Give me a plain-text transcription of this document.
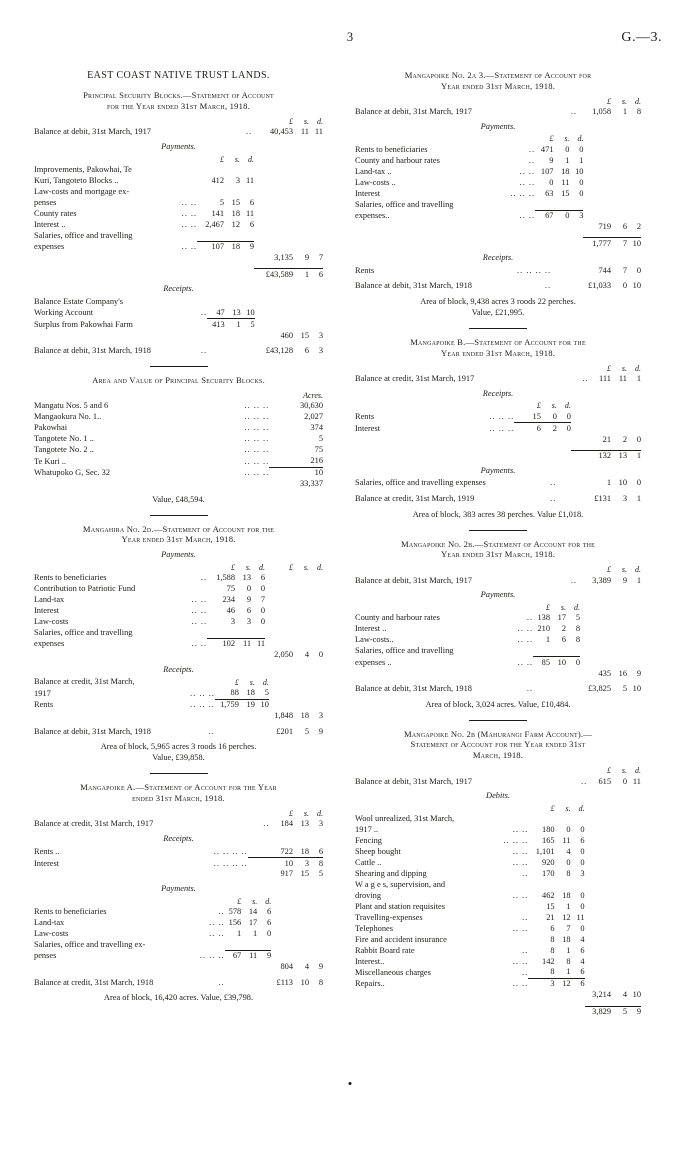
3	G.—3.
EAST COAST NATIVE TRUST LANDS.
Principal Security Blocks.—Statement of Account
for the Year ended 31st March, 1918.
		£	s.	d.
Balance at debit, 31st March, 1917	..	40,453	11	11
Payments.
		£	s.	d.			
Improvements, Pakowhai, Te							
Kuri, Tangoteto Blocks ..		412	3	11			
Law-costs and mortgage ex-							
penses	.. ..	5	15	6			
County rates	.. ..	141	18	11			
Interest ..	.. ..	2,467	12	6			
Salaries, office and travelling							
expenses	.. ..	107	18	9			
					3,135	9	7

					£43,589	1	6
Receipts.
Balance Estate Company's							
Working Account	..	47	13	10			
Surplus from Pakowhai Farm		413	1	5			
					460	15	3

Balance at debit, 31st March, 1918	..				£43,128	6	3
Area and Value of Principal Security Blocks.
		Acres.
Mangatu Nos. 5 and 6	.. .. ..	30,630
Mangaokura No. 1..	.. .. ..	2,027
Pakowhai	.. .. ..	374
Tangotete No. 1 ..	.. .. ..	5
Tangotete No. 2 ..	.. .. ..	75
Te Kuri ..	.. .. ..	216
Whatupoko G, Sec. 32	.. .. ..	10
		33,337
Value, £48,594.
Mangahira No. 2d.—Statement of Account for the
Year ended 31st March, 1918.
Payments.
		£	s.	d.	£	s.	d.
Rents to beneficiaries	..	1,588	13	6			
Contribution to Patriotic Fund		75	0	0			
Land-tax	.. ..	234	9	7			
Interest	.. ..	46	6	0			
Law-costs	.. ..	3	3	0			
Salaries, office and travelling							
expenses	.. ..	102	11	11			
					2,050	4	0
Receipts.
Balance at credit, 31st March,		£	s.	d.			
1917	.. .. ..	88	18	5			
Rents	.. .. ..	1,759	19	10			
					1,848	18	3

Balance at debit, 31st March, 1918	..				£201	5	9
Area of block, 5,965 acres 3 roods 16 perches.
Value, £39,858.
Mangapoike A.—Statement of Account for the Year
ended 31st March, 1918.
		£	s.	d.
Balance at credit, 31st March, 1917	..	184	13	3
Receipts.
Rents ..	.. .. .. ..	722	18	6
Interest	.. .. .. ..	10	3	8
		917	15	5
Payments.
		£	s.	d.			
Rents to beneficiaries	..	578	14	6			
Land-tax	.. ..	156	17	6			
Law-costs	.. ..	1	1	0			
Salaries, office and travelling ex-							
penses	.. .. ..	67	11	9			
					804	4	9

Balance at credit, 31st March, 1918	..				£113	10	8
Area of block, 16,420 acres. Value, £39,798.
Mangapoike No. 2a 3.—Statement of Account for
Year ended 31st March, 1918.
		£	s.	d.
Balance at debit, 31st March, 1917	..	1,058	1	8
Payments.
		£	s.	d.			
Rents to beneficiaries	..	471	0	0			
County and harbour rates	..	9	1	1			
Land-tax ..	.. ..	107	18	10			
Law-costs ..	.. ..	0	11	0			
Interest	.. .. ..	63	15	0			
Salaries, office and travelling							
expenses..	.. ..	67	0	3			
					719	6	2

					1,777	7	10
Receipts.
Rents	.. .. .. ..				744	7	0

Balance at debit, 31st March, 1918	..				£1,033	0	10
Area of block, 9,438 acres 3 roods 22 perches.
Value, £21,995.
Mangapoike B.—Statement of Account for the
Year ended 31st March, 1918.
		£	s.	d.
Balance at credit, 31st March, 1917	..	111	11	1
Receipts.
		£	s.	d.			
Rents	.. .. ..	15	0	0			
Interest	.. .. ..	6	2	0			
					21	2	0

					132	13	1
Payments.
Salaries, office and travelling expenses	..				1	10	0

Balance at credit, 31st March, 1919	..				£131	3	1
Area of block, 383 acres 38 perches. Value £1,018.
Mangapoike No. 2b.—Statement of Account for the
Year ended 31st March, 1918.
		£	s.	d.
Balance at debit, 31st March, 1917	..	3,389	9	1
Payments.
		£	s.	d.			
County and harbour rates	..	138	17	5			
Interest ..	.. ..	210	2	8			
Law-costs..	.. ..	1	6	8			
Salaries, office and travelling							
expenses ..	.. ..	85	10	0			
					435	16	9

Balance at debit, 31st March, 1918	..				£3,825	5	10
Area of block, 3,024 acres. Value, £10,484.
Mangapoike No. 2b (Mahurangi Farm Account).—
Statement of Account for the Year ended 31st
March, 1918.
		£	s.	d.
Balance at debit, 31st March, 1917	..	615	0	11
Debits.
		£	s.	d.			
Wool unrealized, 31st March,							
1917 ..	.. ..	180	0	0			
Fencing	.. .. ..	165	11	6			
Sheep bought	.. ..	1,101	4	0			
Cattle ..	.. ..	920	0	0			
Shearing and dipping	..	170	8	3			
W a g e s, supervision, and							
droving	.. ..	462	18	0			
Plant and station requisites		15	1	0			
Travelling-expenses	..	21	12	11			
Telephones	.. ..	6	7	0			
Fire and accident insurance		8	18	4			
Rabbit Board rate	..	8	1	6			
Interest..	.. ..	142	8	4			
Miscellaneous charges	..	8	1	6			
Repairs..	.. ..	3	12	6			
					3,214	4	10

					3,829	5	9
